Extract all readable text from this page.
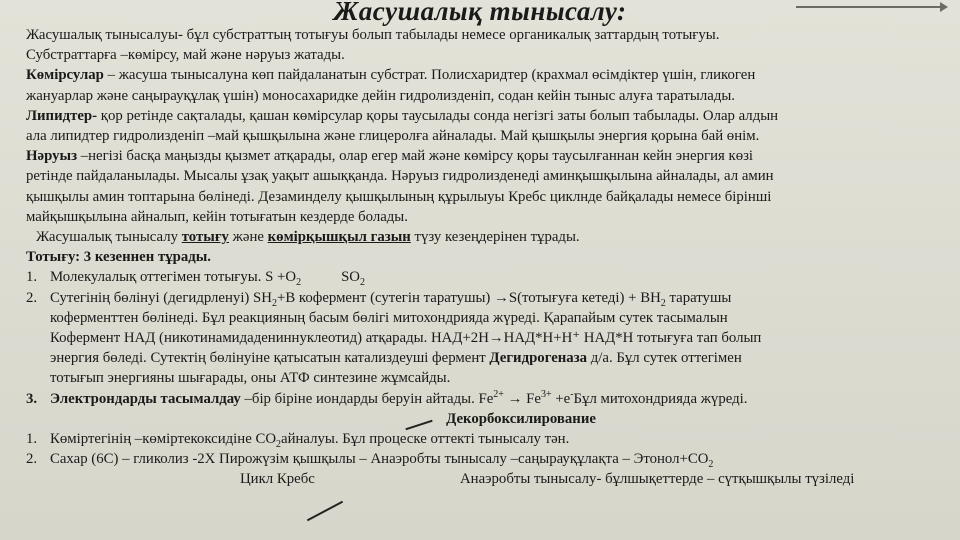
Жасушалық тынысалу:

Жасушалық тынысалуы- бұл субстраттың тотығуы болып табылады немесе органикалық заттардың тотығуы.

Субстраттарға –көмірсу, май және нәруыз жатады.

Көмірсулар – жасуша тынысалуна көп пайдаланатын субстрат. Полисхаридтер (крахмал өсімдіктер үшін, гликоген

жануарлар және саңырауқұлақ үшін) моносахаридке дейін гидролизденіп, содан кейін тыныс алуға таратылады.

Липидтер- қор ретінде сақталады, қашан көмірсулар қоры таусылады сонда негізгі заты болып табылады. Олар алдын

ала липидтер гидролизденіп –май қышқылына және глицеролға айналады. Май қышқылы энергия қорына бай өнім.

Нәруыз –негізі басқа маңызды қызмет атқарады, олар егер май және көмірсу қоры таусылғаннан кейн энергия көзі

ретінде пайдаланылады. Мысалы ұзақ уақыт ашыққанда. Нәруыз гидролизденеді аминқышқылына айналады, ал амин

қышқылы амин топтарына бөлінеді. Дезаминделу қышқылының құрылыуы Кребс циклнде байқалады немесе бірінші

майқышқылына айналып, кейін тотығатын кездерде болады.

Жасушалық тынысалу тотығу және көмірқышқыл газын түзу кезеңдерінен тұрады.

Тотығу: 3 кезеннен тұрады.

1. Молекулалық оттегімен тотығуы. $S +O_2$	$SO_2$

2. Сутегінің бөлінуі (дегидрленуі) $SH_2+В$ кофермент (сутегін таратушы) →S(тотығуға кетеді) + $ВН_2$ таратушы

коферменттен бөлінеді. Бұл реакцияның басым бөлігі митохондрияда жүреді. Қарапайым сутек тасымалын

Кофермент НАД (никотинамидадениннуклеотид) атқарады. НАД+2Н→НАД*Н+Н⁺ НАД*Н тотығуға тап болып

энергия бөледі. Сутектің бөлінуіне қатысатын катализдеуші фермент Дегидрогеназа д/а. Бұл сутек оттегімен

тотығып энергияны шығарады, оны АТФ синтезине жұмсайды.

3. Электрондарды тасымалдау –бір біріне иондарды беруін айтады. $Fe^{2+} \to Fe^{3+} +e^-Бұл$ митохондрияда жүреді.

Декорбоксилирование

1. Көміртегінің –көміртекоксидіне $СО_2айналуы$. Бұл процеске оттекті тынысалу тән.

2. Сахар (6С) – гликолиз -2Х Пирожүзім қышқылы – Анаэробты тынысалу –саңырауқұлақта – $Этонол+СО_2$

Цикл Кребс	Анаэробты тынысалу- бұлшықеттерде – сүтқышқылы түзіледі
